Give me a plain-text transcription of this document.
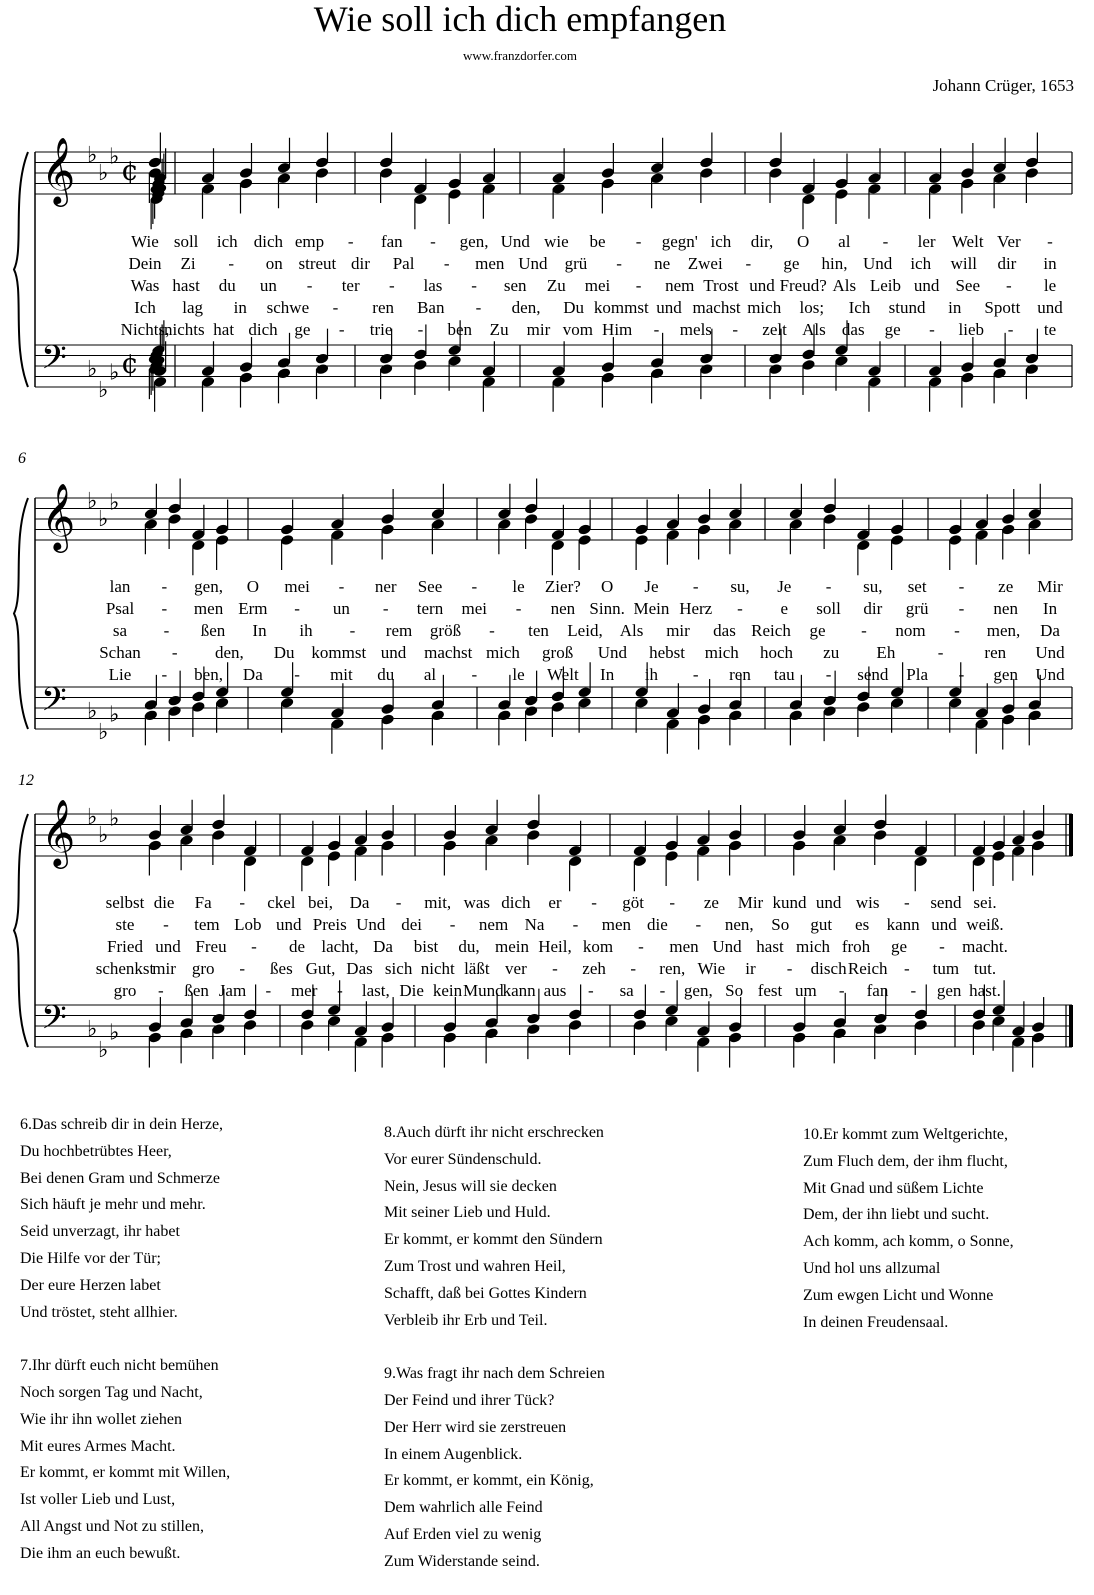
Wie soll ich dich empfangen
www.franzdorfer.com
Johann Crüger, 1653
𝄞 ♭
♭
♭ ¢
𝄢 ♭
♭
♭ ¢
Wie soll ich dich emp - fan - gen, Und wie be - gegn' ich dir, O al - ler Welt Ver -
Dein Zi - on streut dir Pal - men Und grü - ne Zwei - ge hin, Und ich will dir in
Was hast du un - ter - las - sen Zu mei - nem Trost und Freud? Als Leib und See - le
Ich lag in schwe - ren Ban - den, Du kommst und machst mich los; Ich stund in Spott und
Nichts,
nichts hat dich ge - trie - ben Zu mir vom Him - mels - zelt Als das ge - lieb - te
6
𝄞 ♭
♭
♭
𝄢 ♭
♭
♭
lan - gen, O mei - ner See - le Zier? O Je - su, Je - su, set - ze Mir
Psal - men Erm - un - tern mei - nen Sinn. Mein Herz - e soll dir grü - nen In
sa - ßen In ih - rem größ - ten Leid, Als mir das Reich ge - nom - men, Da
Schan - den, Du kommst und machst mich groß Und hebst mich hoch zu Eh - ren Und
Lie - ben, Da - mit du al - le Welt In ih - ren tau - send Pla - gen Und
12
𝄞 ♭
♭
♭
𝄢 ♭
♭
♭
selbst die Fa - ckel bei, Da - mit, was dich er - göt - ze Mir kund und wis - send sei.
ste - tem Lob und Preis Und dei - nem Na - men die - nen, So gut es kann und weiß.
Fried und Freu - de lacht, Da bist du, mein Heil, kom - men Und hast mich froh ge - macht.
schenkst
mir gro - ßes Gut, Das sich nicht läßt ver - zeh - ren, Wie ir - disch Reich - tum tut.
gro - ßen Jam - mer - last, Die kein Mund
kann aus - sa - gen, So fest um - fan - gen hast.
6.Das schreib dir in dein Herze,
Du hochbetrübtes Heer,
Bei denen Gram und Schmerze
Sich häuft je mehr und mehr.
Seid unverzagt, ihr habet
Die Hilfe vor der Tür;
Der eure Herzen labet
Und tröstet, steht allhier.
7.Ihr dürft euch nicht bemühen
Noch sorgen Tag und Nacht,
Wie ihr ihn wollet ziehen
Mit eures Armes Macht.
Er kommt, er kommt mit Willen,
Ist voller Lieb und Lust,
All Angst und Not zu stillen,
Die ihm an euch bewußt.
8.Auch dürft ihr nicht erschrecken
Vor eurer Sündenschuld.
Nein, Jesus will sie decken
Mit seiner Lieb und Huld.
Er kommt, er kommt den Sündern
Zum Trost und wahren Heil,
Schafft, daß bei Gottes Kindern
Verbleib ihr Erb und Teil.
9.Was fragt ihr nach dem Schreien
Der Feind und ihrer Tück?
Der Herr wird sie zerstreuen
In einem Augenblick.
Er kommt, er kommt, ein König,
Dem wahrlich alle Feind
Auf Erden viel zu wenig
Zum Widerstande seind.
10.Er kommt zum Weltgerichte,
Zum Fluch dem, der ihm flucht,
Mit Gnad und süßem Lichte
Dem, der ihn liebt und sucht.
Ach komm, ach komm, o Sonne,
Und hol uns allzumal
Zum ewgen Licht und Wonne
In deinen Freudensaal.
